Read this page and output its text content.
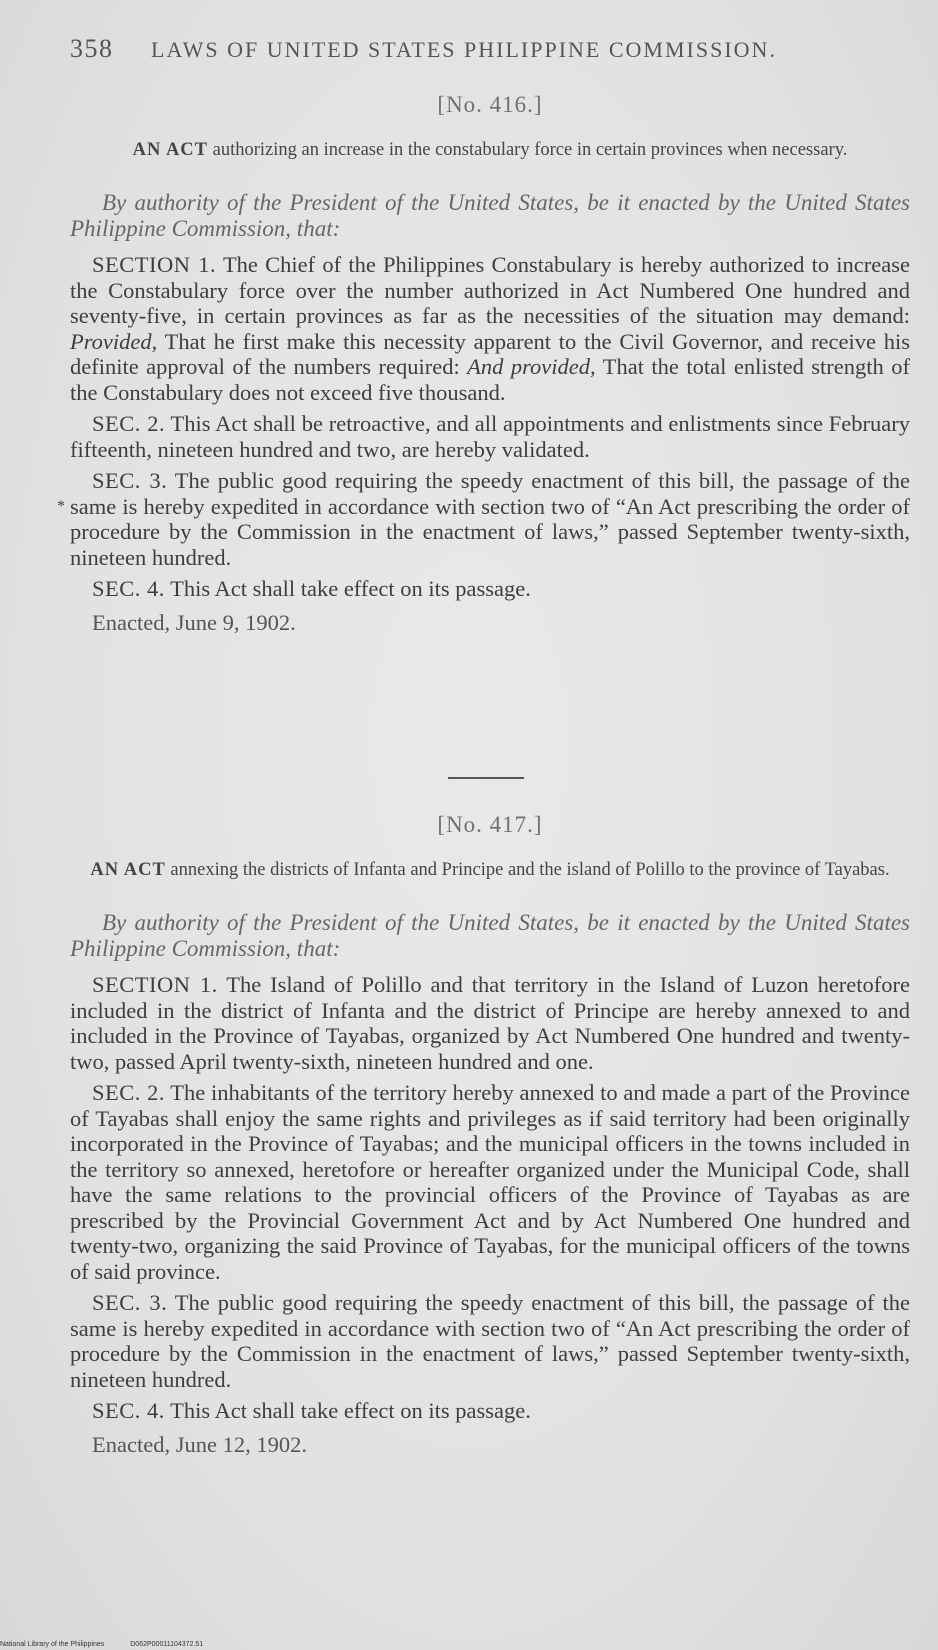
358 LAWS OF UNITED STATES PHILIPPINE COMMISSION.
[No. 416.]

AN ACT authorizing an increase in the constabulary force in certain provinces when necessary.

By authority of the President of the United States, be it enacted by the United States Philippine Commission, that:

SECTION 1. The Chief of the Philippines Constabulary is hereby authorized to increase the Constabulary force over the number authorized in Act Numbered One hundred and seventy-five, in certain provinces as far as the necessities of the situation may demand: Provided, That he first make this necessity apparent to the Civil Governor, and receive his definite approval of the numbers required: And provided, That the total enlisted strength of the Constabulary does not exceed five thousand.

SEC. 2. This Act shall be retroactive, and all appointments and enlistments since February fifteenth, nineteen hundred and two, are hereby validated.

SEC. 3. The public good requiring the speedy enactment of this bill, the passage of the same is hereby expedited in accordance with section two of “An Act prescribing the order of procedure by the Commission in the enactment of laws,” passed September twenty-sixth, nineteen hundred.

SEC. 4. This Act shall take effect on its passage.

Enacted, June 9, 1902.

*
[No. 417.]

AN ACT annexing the districts of Infanta and Principe and the island of Polillo to the province of Tayabas.

By authority of the President of the United States, be it enacted by the United States Philippine Commission, that:

SECTION 1. The Island of Polillo and that territory in the Island of Luzon heretofore included in the district of Infanta and the district of Principe are hereby annexed to and included in the Province of Tayabas, organized by Act Numbered One hundred and twenty-two, passed April twenty-sixth, nineteen hundred and one.

SEC. 2. The inhabitants of the territory hereby annexed to and made a part of the Province of Tayabas shall enjoy the same rights and privileges as if said territory had been originally incorporated in the Province of Tayabas; and the municipal officers in the towns included in the territory so annexed, heretofore or hereafter organized under the Municipal Code, shall have the same relations to the provincial officers of the Province of Tayabas as are prescribed by the Provincial Government Act and by Act Numbered One hundred and twenty-two, organizing the said Province of Tayabas, for the municipal officers of the towns of said province.

SEC. 3. The public good requiring the speedy enactment of this bill, the passage of the same is hereby expedited in accordance with section two of “An Act prescribing the order of procedure by the Commission in the enactment of laws,” passed September twenty-sixth, nineteen hundred.

SEC. 4. This Act shall take effect on its passage.

Enacted, June 12, 1902.

National Library of the Philippines	D062P00011104372.51
